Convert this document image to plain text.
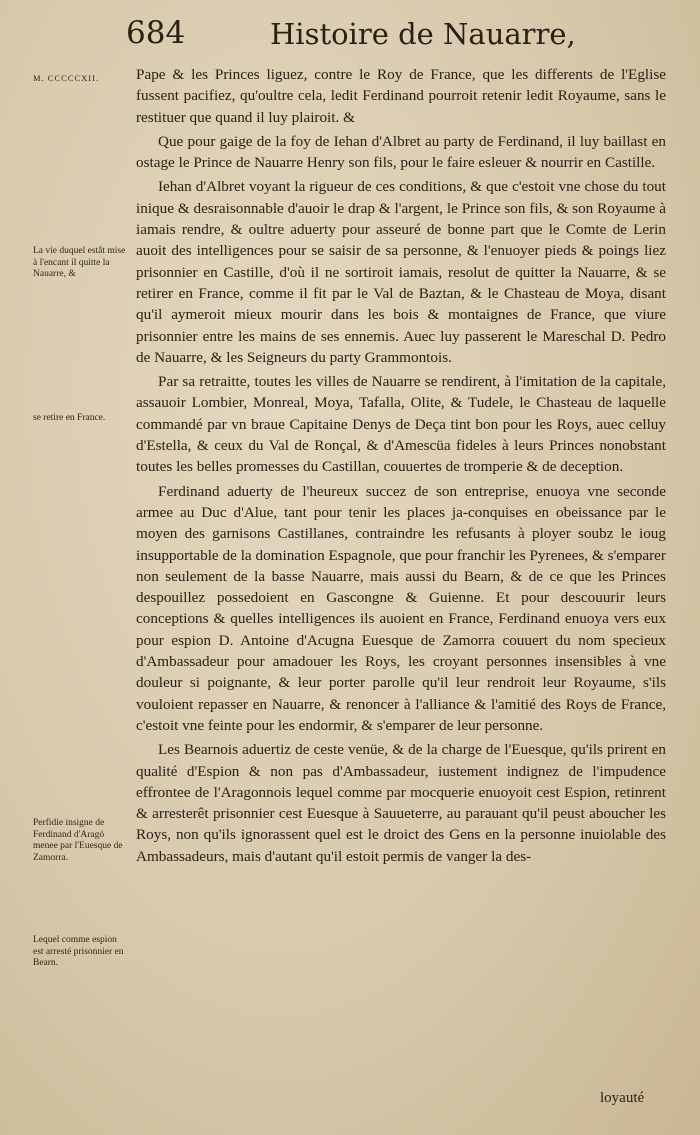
684	Histoire de Nauarre,
M. CCCCCXII.
La vie duquel estât mise à l'encant il quitte la Nauarre, &
se retire en France.
Perfidie insigne de Ferdinand d'Aragó menee par l'Euesque de Zamorra.
Lequel comme espion est arresté prisonnier en Bearn.

Pape & les Princes liguez, contre le Roy de France, que les differents de l'Eglise fussent pacifiez, qu'oultre cela, ledit Ferdinand pourroit retenir ledit Royaume, sans le restituer que quand il luy plairoit. &

Que pour gaige de la foy de Iehan d'Albret au party de Ferdinand, il luy baillast en ostage le Prince de Nauarre Henry son fils, pour le faire esleuer & nourrir en Castille.

Iehan d'Albret voyant la rigueur de ces conditions, & que c'estoit vne chose du tout inique & desraisonnable d'auoir le drap & l'argent, le Prince son fils, & son Royaume à iamais rendre, & oultre aduerty pour asseuré de bonne part que le Comte de Lerin auoit des intelligences pour se saisir de sa personne, & l'enuoyer pieds & poings liez prisonnier en Castille, d'où il ne sortiroit iamais, resolut de quitter la Nauarre, & se retirer en France, comme il fit par le Val de Baztan, & le Chasteau de Moya, disant qu'il aymeroit mieux mourir dans les bois & montaignes de France, que viure prisonnier entre les mains de ses ennemis. Auec luy passerent le Mareschal D. Pedro de Nauarre, & les Seigneurs du party Grammontois.

Par sa retraitte, toutes les villes de Nauarre se rendirent, à l'imitation de la capitale, assauoir Lombier, Monreal, Moya, Tafalla, Olite, & Tudele, le Chasteau de laquelle commandé par vn braue Capitaine Denys de Deça tint bon pour les Roys, auec celluy d'Estella, & ceux du Val de Ronçal, & d'Amescüa fideles à leurs Princes nonobstant toutes les belles promesses du Castillan, couuertes de tromperie & de deception.

Ferdinand aduerty de l'heureux succez de son entreprise, enuoya vne seconde armee au Duc d'Alue, tant pour tenir les places ja-conquises en obeissance par le moyen des garnisons Castillanes, contraindre les refusants à ployer soubz le ioug insupportable de la domination Espagnole, que pour franchir les Pyrenees, & s'emparer non seulement de la basse Nauarre, mais aussi du Bearn, & de ce que les Princes despouillez possedoient en Gascongne & Guienne. Et pour descouurir leurs conceptions & quelles intelligences ils auoient en France, Ferdinand enuoya vers eux pour espion D. Antoine d'Acugna Euesque de Zamorra couuert du nom specieux d'Ambassadeur pour amadouer les Roys, les croyant personnes insensibles à vne douleur si poignante, & leur porter parolle qu'il leur rendroit leur Royaume, s'ils vouloient repasser en Nauarre, & renoncer à l'alliance & l'amitié des Roys de France, c'estoit vne feinte pour les endormir, & s'emparer de leur personne.

Les Bearnois aduertiz de ceste venüe, & de la charge de l'Euesque, qu'ils prirent en qualité d'Espion & non pas d'Ambassadeur, iustement indignez de l'impudence effrontee de l'Aragonnois lequel comme par mocquerie enuoyoit cest Espion, retinrent & arresterêt prisonnier cest Euesque à Sauueterre, au parauant qu'il peust aboucher les Roys, non qu'ils ignorassent quel est le droict des Gens en la personne inuiolable des Ambassadeurs, mais d'autant qu'il estoit permis de vanger la des-

loyauté
